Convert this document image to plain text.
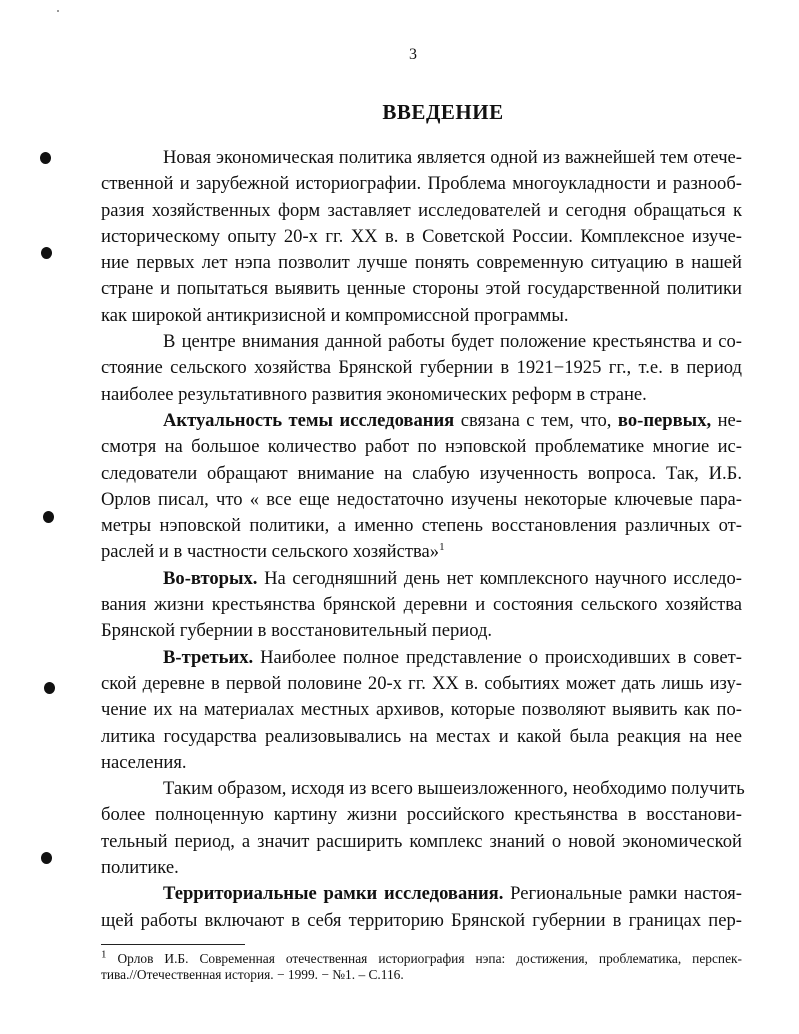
3
ВВЕДЕНИЕ
Новая экономическая политика является одной из важнейшей тем отече-
ственной и зарубежной историографии. Проблема многоукладности и разнооб-
разия хозяйственных форм заставляет исследователей и сегодня обращаться к
историческому опыту 20-х гг. XX в. в Советской России. Комплексное изуче-
ние первых лет нэпа позволит лучше понять современную ситуацию в нашей
стране и попытаться выявить ценные стороны этой государственной политики
как широкой антикризисной и компромиссной программы.
В центре внимания данной работы будет положение крестьянства и со-
стояние сельского хозяйства Брянской губернии в 1921−1925 гг., т.е. в период
наиболее результативного развития экономических реформ в стране.
Актуальность темы исследования связана с тем, что, во-первых, не-
смотря на большое количество работ по нэповской проблематике многие ис-
следователи обращают внимание на слабую изученность вопроса. Так, И.Б.
Орлов писал, что « все еще недостаточно изучены некоторые ключевые пара-
метры нэповской политики, а именно степень восстановления различных от-
раслей и в частности сельского хозяйства»$^1$
Во-вторых. На сегодняшний день нет комплексного научного исследо-
вания жизни крестьянства брянской деревни и состояния сельского хозяйства
Брянской губернии в восстановительный период.
В-третьих. Наиболее полное представление о происходивших в совет-
ской деревне в первой половине 20-х гг. XX в. событиях может дать лишь изу-
чение их на материалах местных архивов, которые позволяют выявить как по-
литика государства реализовывались на местах и какой была реакция на нее
населения.
Таким образом, исходя из всего вышеизложенного, необходимо получить
более полноценную картину жизни российского крестьянства в восстанови-
тельный период, а значит расширить комплекс знаний о новой экономической
политике.
Территориальные рамки исследования. Региональные рамки настоя-
щей работы включают в себя территорию Брянской губернии в границах пер-
$^1$ Орлов И.Б. Современная отечественная историография нэпа: достижения, проблематика, перспек-
тива.//Отечественная история. − 1999. − №1. – С.116.
